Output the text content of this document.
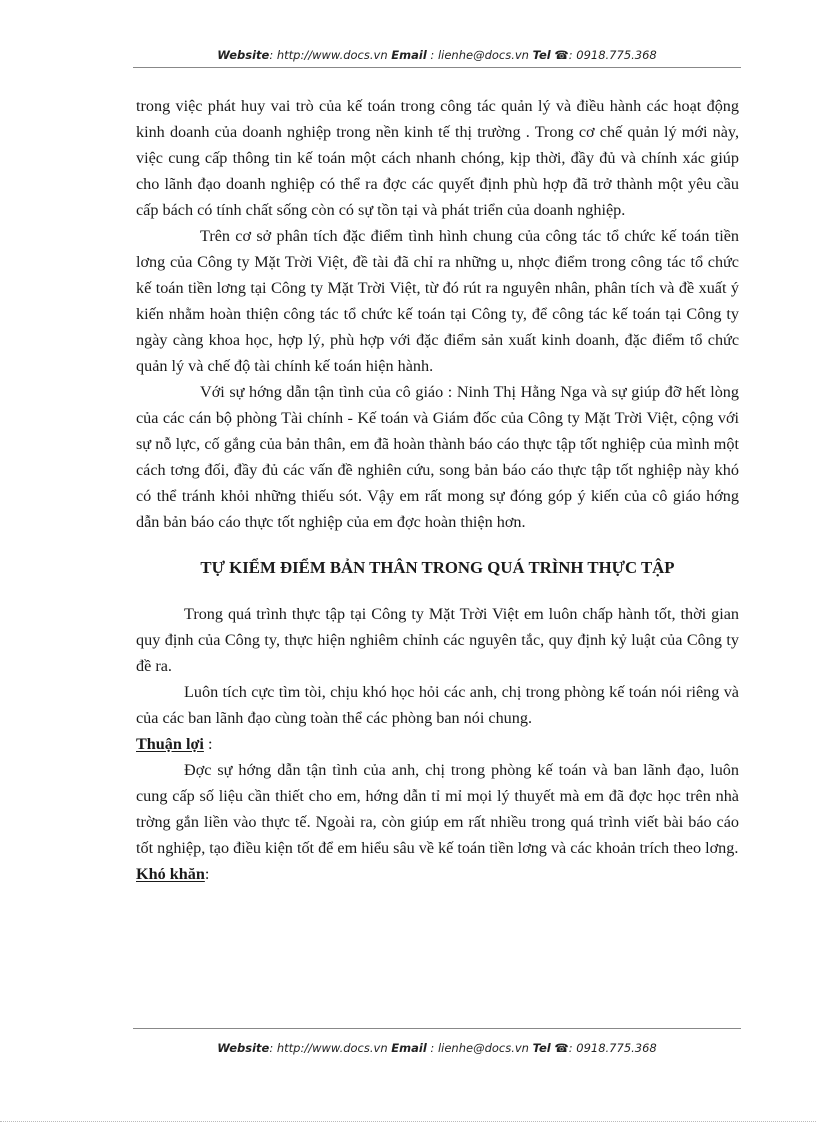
Website: http://www.docs.vn Email : lienhe@docs.vn Tel ☎: 0918.775.368

trong việc phát huy vai trò của kế toán trong công tác quản lý và điều hành các hoạt động kinh doanh của doanh nghiệp trong nền kinh tế thị trường . Trong cơ chế quản lý mới này, việc cung cấp thông tin kế toán một cách nhanh chóng, kịp thời, đầy đủ và chính xác giúp cho lãnh đạo doanh nghiệp có thể ra đợc các quyết định phù hợp đã trở thành một yêu cầu cấp bách có tính chất sống còn có sự tồn tại và phát triển của doanh nghiệp.

Trên cơ sở phân tích đặc điểm tình hình chung của công tác tổ chức kế toán tiền lơng của Công ty Mặt Trời Việt, đề tài đã chỉ ra những u, nhợc điểm trong công tác tổ chức kế toán tiền lơng tại Công ty Mặt Trời Việt, từ đó rút ra nguyên nhân, phân tích và đề xuất ý kiến nhằm hoàn thiện công tác tổ chức kế toán tại Công ty, để công tác kế toán tại Công ty ngày càng khoa học, hợp lý, phù hợp với đặc điểm sản xuất kinh doanh, đặc điểm tổ chức quản lý và chế độ tài chính kế toán hiện hành.

Với sự hớng dẫn tận tình của cô giáo : Ninh Thị Hằng Nga và sự giúp đỡ hết lòng của các cán bộ phòng Tài chính - Kế toán và Giám đốc của Công ty Mặt Trời Việt, cộng với sự nỗ lực, cố gắng của bản thân, em đã hoàn thành báo cáo thực tập tốt nghiệp của mình một cách tơng đối, đầy đủ các vấn đề nghiên cứu, song bản báo cáo thực tập tốt nghiệp này khó có thể tránh khỏi những thiếu sót. Vậy em rất mong sự đóng góp ý kiến của cô giáo hớng dẫn bản báo cáo thực tốt nghiệp của em đợc hoàn thiện hơn.

TỰ KIỂM ĐIỂM BẢN THÂN TRONG QUÁ TRÌNH THỰC TẬP

Trong quá trình thực tập tại Công ty Mặt Trời Việt em luôn chấp hành tốt, thời gian quy định của Công ty, thực hiện nghiêm chỉnh các nguyên tắc, quy định kỷ luật của Công ty đề ra.

Luôn tích cực tìm tòi, chịu khó học hỏi các anh, chị trong phòng kế toán nói riêng và của các ban lãnh đạo cùng toàn thể các phòng ban nói chung.

Thuận lợi :

Đợc sự hớng dẫn tận tình của anh, chị trong phòng kế toán và ban lãnh đạo, luôn cung cấp số liệu cần thiết cho em, hớng dẫn tỉ mỉ mọi lý thuyết mà em đã đợc học trên nhà trờng gắn liền vào thực tế. Ngoài ra, còn giúp em rất nhiều trong quá trình viết bài báo cáo tốt nghiệp, tạo điều kiện tốt để em hiểu sâu về kế toán tiền lơng và các khoản trích theo lơng.

Khó khăn:

Website: http://www.docs.vn Email : lienhe@docs.vn Tel ☎: 0918.775.368
